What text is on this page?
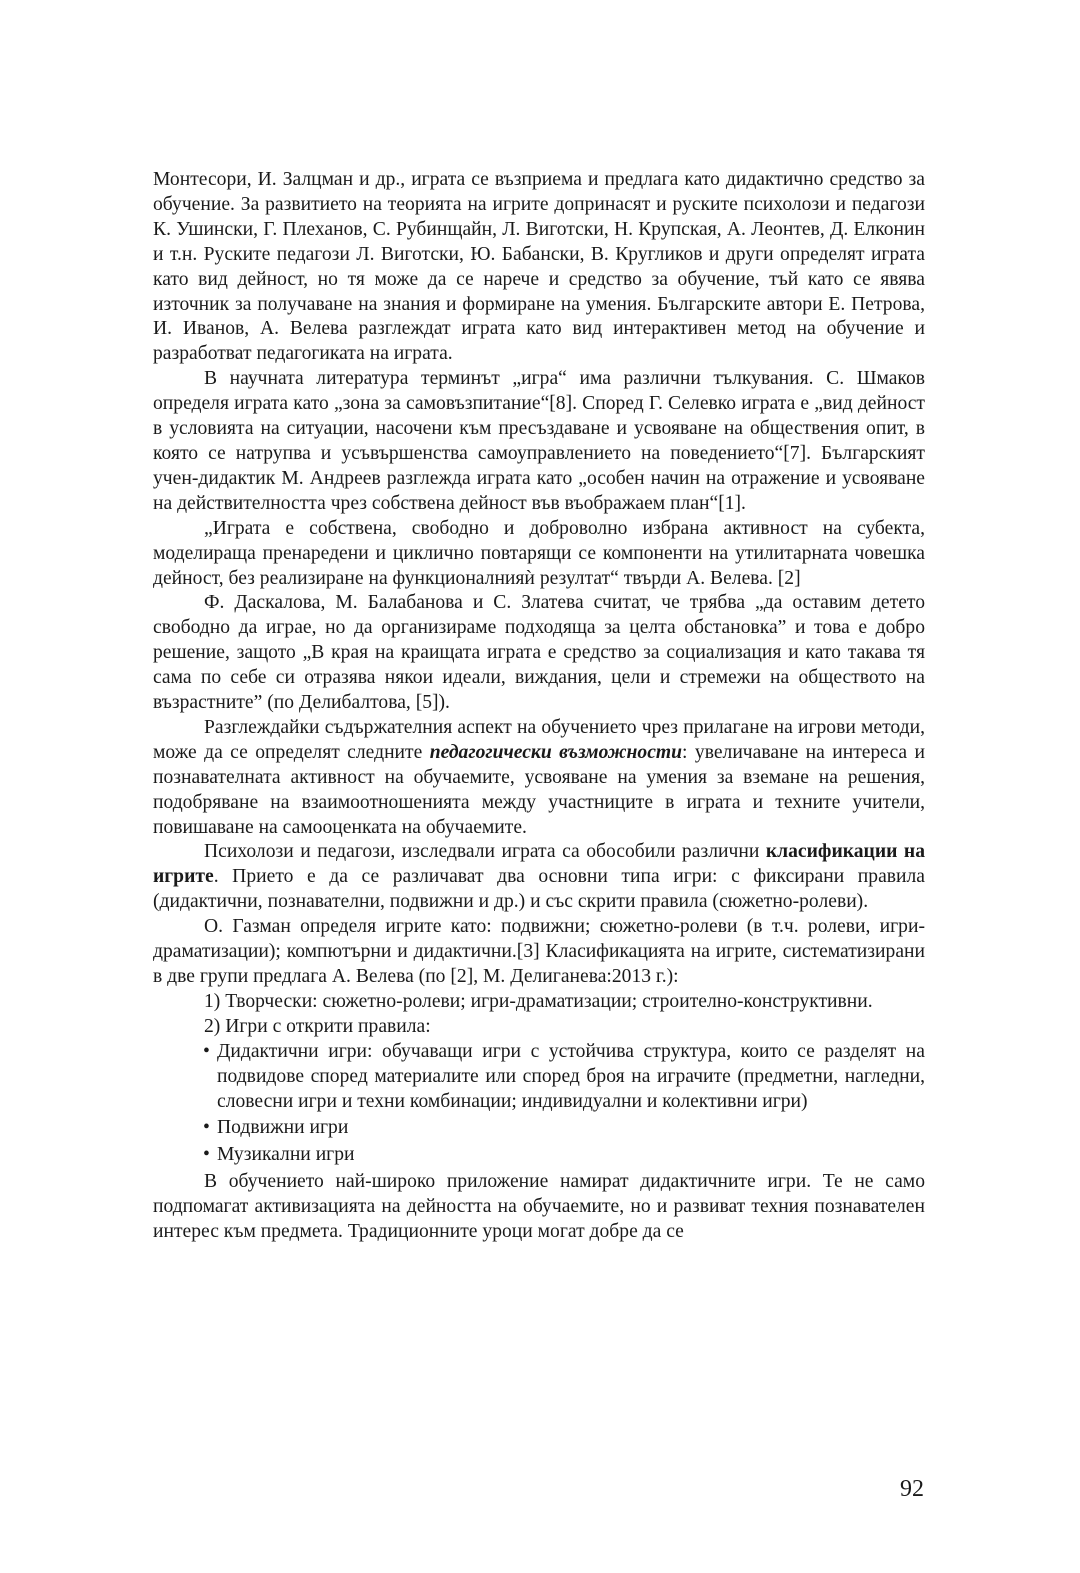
Монтесори, И. Залцман и др., играта се възприема и предлага като дидактично средство за обучение. За развитието на теорията на игрите допринасят и руските психолози и педагози К. Ушински, Г. Плеханов, С. Рубинщайн, Л. Виготски, Н. Крупская, А. Леонтев, Д. Елконин и т.н. Руските педагози Л. Виготски, Ю. Бабански, В. Кругликов и други определят играта като вид дейност, но тя може да се нарече и средство за обучение, тъй като се явява източник за получаване на знания и формиране на умения. Българските автори Е. Петрова, И. Иванов, А. Велева разглеждат играта като вид интерактивен метод на обучение и разработват педагогиката на играта.

В научната литература терминът „игра“ има различни тълкувания. С. Шмаков определя играта като „зона за самовъзпитание“[8]. Според Г. Селевко играта е „вид дейност в условията на ситуации, насочени към пресъздаване и усвояване на обществения опит, в която се натрупва и усъвършенства самоуправлението на поведението“[7]. Българският учен-дидактик М. Андреев разглежда играта като „особен начин на отражение и усвояване на действителността чрез собствена дейност във въображаем план“[1].

„Играта е собствена, свободно и доброволно избрана активност на субекта, моделираща пренаредени и циклично повтарящи се компоненти на утилитарната човешка дейност, без реализиране на функционалнияѝ резултат“ твърди А. Велева. [2]

Ф. Даскалова, М. Балабанова и С. Златева считат, че трябва „да оставим детето свободно да играе, но да организираме подходяща за целта обстановка” и това е добро решение, защото „В края на краищата играта е средство за социализация и като такава тя сама по себе си отразява някои идеали, виждания, цели и стремежи на обществото на възрастните” (по Делибалтова, [5]).

Разглеждайки съдържателния аспект на обучението чрез прилагане на игрови методи, може да се определят следните педагогически възможности: увеличаване на интереса и познавателната активност на обучаемите, усвояване на умения за вземане на решения, подобряване на взаимоотношенията между участниците в играта и техните учители, повишаване на самооценката на обучаемите.

Психолози и педагози, изследвали играта са обособили различни класификации на игрите. Прието е да се различават два основни типа игри: с фиксирани правила (дидактични, познавателни, подвижни и др.) и със скрити правила (сюжетно-ролеви).

О. Газман определя игрите като: подвижни; сюжетно-ролеви (в т.ч. ролеви, игри-драматизации); компютърни и дидактични.[3] Класификацията на игрите, систематизирани в две групи предлага А. Велева (по [2], М. Делиганева:2013 г.):

1) Творчески: сюжетно-ролеви; игри-драматизации; строително-конструктивни.

2) Игри с открити правила:

• Дидактични игри: обучаващи игри с устойчива структура, които се разделят на подвидове според материалите или според броя на играчите (предметни, нагледни, словесни игри и техни комбинации; индивидуални и колективни игри)
• Подвижни игри
• Музикални игри

В обучението най-широко приложение намират дидактичните игри. Те не само подпомагат активизацията на дейността на обучаемите, но и развиват техния познавателен интерес към предмета. Традиционните уроци могат добре да се

92
